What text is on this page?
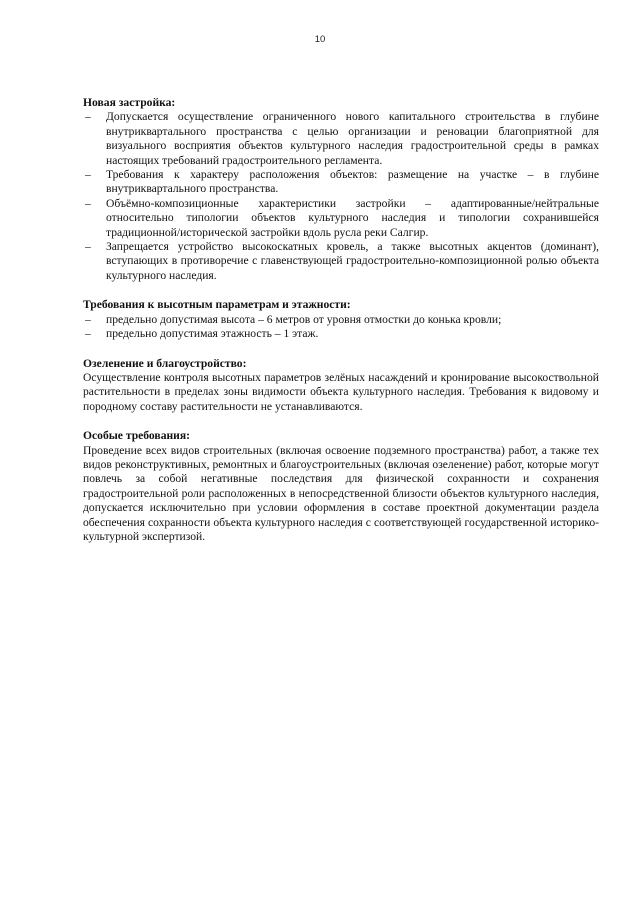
10

Новая застройка:

– Допускается осуществление ограниченного нового капитального строительства в глубине внутриквартального пространства с целью организации и реновации благоприятной для визуального восприятия объектов культурного наследия градостроительной среды в рамках настоящих требований градостроительного регламента.
– Требования к характеру расположения объектов: размещение на участке – в глубине внутриквартального пространства.
– Объёмно-композиционные характеристики застройки – адаптированные/нейтральные относительно типологии объектов культурного наследия и типологии сохранившейся традиционной/исторической застройки вдоль русла реки Салгир.
– Запрещается устройство высокоскатных кровель, а также высотных акцентов (доминант), вступающих в противоречие с главенствующей градостроительно-композиционной ролью объекта культурного наследия.

Требования к высотным параметрам и этажности:

– предельно допустимая высота – 6 метров от уровня отмостки до конька кровли;
– предельно допустимая этажность – 1 этаж.

Озеленение и благоустройство:

Осуществление контроля высотных параметров зелёных насаждений и кронирование высокоствольной растительности в пределах зоны видимости объекта культурного наследия. Требования к видовому и породному составу растительности не устанавливаются.

Особые требования:

Проведение всех видов строительных (включая освоение подземного пространства) работ, а также тех видов реконструктивных, ремонтных и благоустроительных (включая озеленение) работ, которые могут повлечь за собой негативные последствия для физической сохранности и сохранения градостроительной роли расположенных в непосредственной близости объектов культурного наследия, допускается исключительно при условии оформления в составе проектной документации раздела обеспечения сохранности объекта культурного наследия с соответствующей государственной историко-культурной экспертизой.
